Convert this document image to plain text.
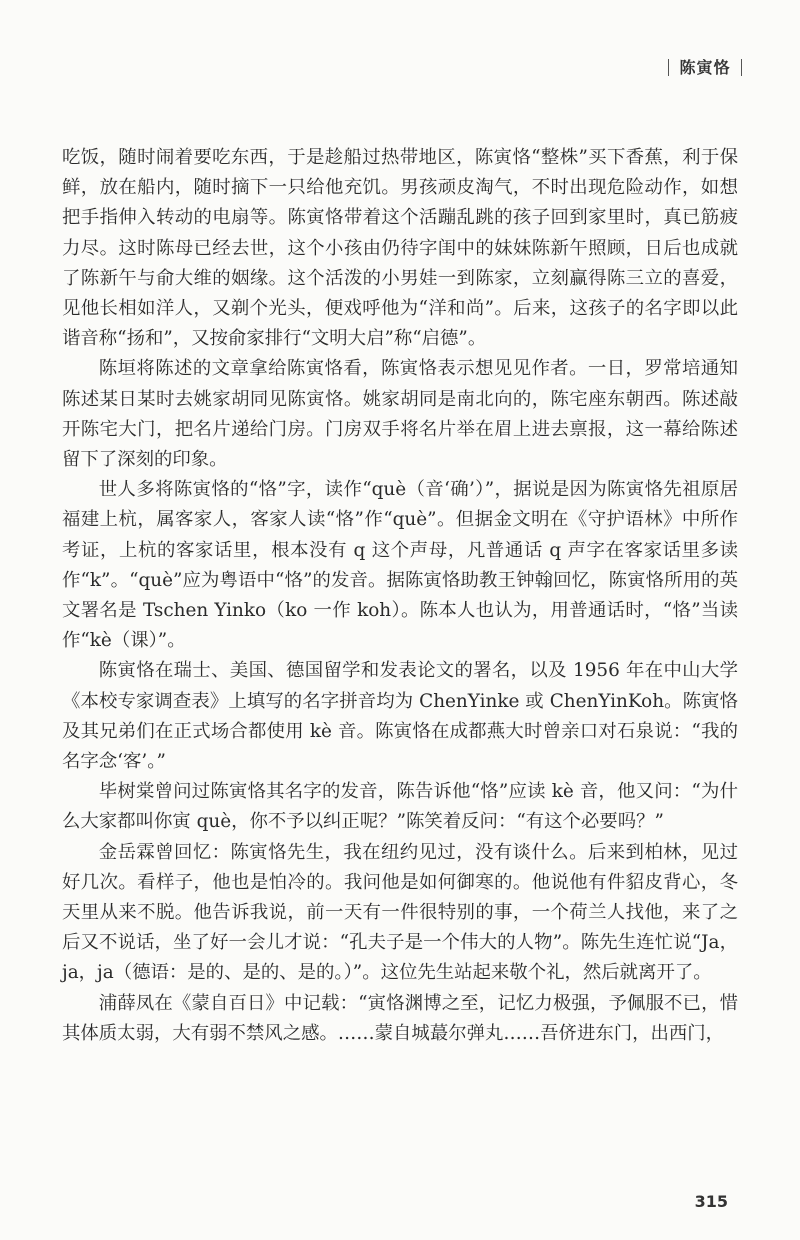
陈寅恪

吃饭，随时闹着要吃东西，于是趁船过热带地区，陈寅恪“整株”买下香蕉，利于保鲜，放在船内，随时摘下一只给他充饥。男孩顽皮淘气，不时出现危险动作，如想把手指伸入转动的电扇等。陈寅恪带着这个活蹦乱跳的孩子回到家里时，真已筋疲力尽。这时陈母已经去世，这个小孩由仍待字闺中的妹妹陈新午照顾，日后也成就了陈新午与俞大维的姻缘。这个活泼的小男娃一到陈家，立刻赢得陈三立的喜爱，见他长相如洋人，又剃个光头，便戏呼他为“洋和尚”。后来，这孩子的名字即以此谐音称“扬和”，又按俞家排行“文明大启”称“启德”。

陈垣将陈述的文章拿给陈寅恪看，陈寅恪表示想见见作者。一日，罗常培通知陈述某日某时去姚家胡同见陈寅恪。姚家胡同是南北向的，陈宅座东朝西。陈述敲开陈宅大门，把名片递给门房。门房双手将名片举在眉上进去禀报，这一幕给陈述留下了深刻的印象。

世人多将陈寅恪的“恪”字，读作“què（音‘确’）”，据说是因为陈寅恪先祖原居福建上杭，属客家人，客家人读“恪”作“què”。但据金文明在《守护语林》中所作考证，上杭的客家话里，根本没有 q 这个声母，凡普通话 q 声字在客家话里多读作“k”。“què”应为粤语中“恪”的发音。据陈寅恪助教王钟翰回忆，陈寅恪所用的英文署名是 Tschen Yinko（ko 一作 koh）。陈本人也认为，用普通话时，“恪”当读作“kè（课）”。

陈寅恪在瑞士、美国、德国留学和发表论文的署名，以及 1956 年在中山大学《本校专家调查表》上填写的名字拼音均为 ChenYinke 或 ChenYinKoh。陈寅恪及其兄弟们在正式场合都使用 kè 音。陈寅恪在成都燕大时曾亲口对石泉说：“我的名字念‘客’。”

毕树棠曾问过陈寅恪其名字的发音，陈告诉他“恪”应读 kè 音，他又问：“为什么大家都叫你寅 què，你不予以纠正呢？”陈笑着反问：“有这个必要吗？”

金岳霖曾回忆：陈寅恪先生，我在纽约见过，没有谈什么。后来到柏林，见过好几次。看样子，他也是怕冷的。我问他是如何御寒的。他说他有件貂皮背心，冬天里从来不脱。他告诉我说，前一天有一件很特别的事，一个荷兰人找他，来了之后又不说话，坐了好一会儿才说：“孔夫子是一个伟大的人物”。陈先生连忙说“Ja，ja，ja（德语：是的、是的、是的。）”。这位先生站起来敬个礼，然后就离开了。

浦薛凤在《蒙自百日》中记载：“寅恪渊博之至，记忆力极强，予佩服不已，惜其体质太弱，大有弱不禁风之感。……蒙自城蕞尔弹丸……吾侪进东门，出西门，

315
